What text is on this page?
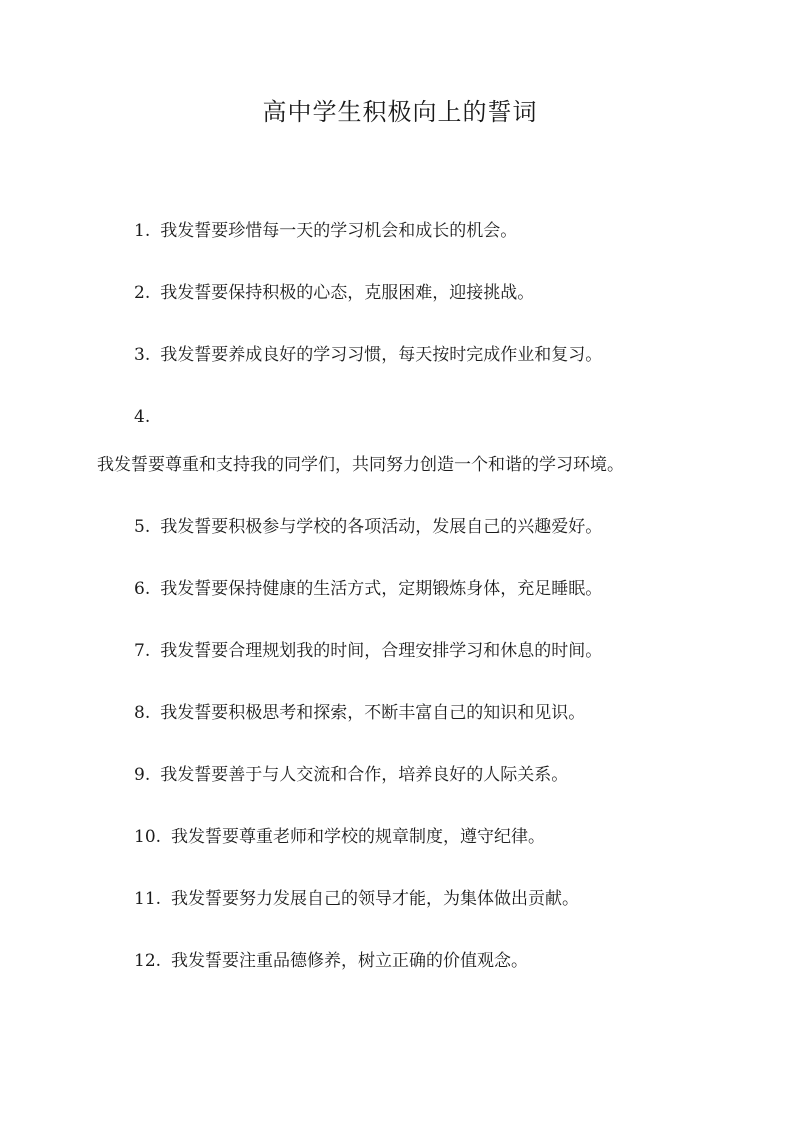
高中学生积极向上的誓词
1. 我发誓要珍惜每一天的学习机会和成长的机会。
2. 我发誓要保持积极的心态，克服困难，迎接挑战。
3. 我发誓要养成良好的学习习惯，每天按时完成作业和复习。
4.
我发誓要尊重和支持我的同学们，共同努力创造一个和谐的学习环境。
5. 我发誓要积极参与学校的各项活动，发展自己的兴趣爱好。
6. 我发誓要保持健康的生活方式，定期锻炼身体，充足睡眠。
7. 我发誓要合理规划我的时间，合理安排学习和休息的时间。
8. 我发誓要积极思考和探索，不断丰富自己的知识和见识。
9. 我发誓要善于与人交流和合作，培养良好的人际关系。
10. 我发誓要尊重老师和学校的规章制度，遵守纪律。
11. 我发誓要努力发展自己的领导才能，为集体做出贡献。
12. 我发誓要注重品德修养，树立正确的价值观念。
